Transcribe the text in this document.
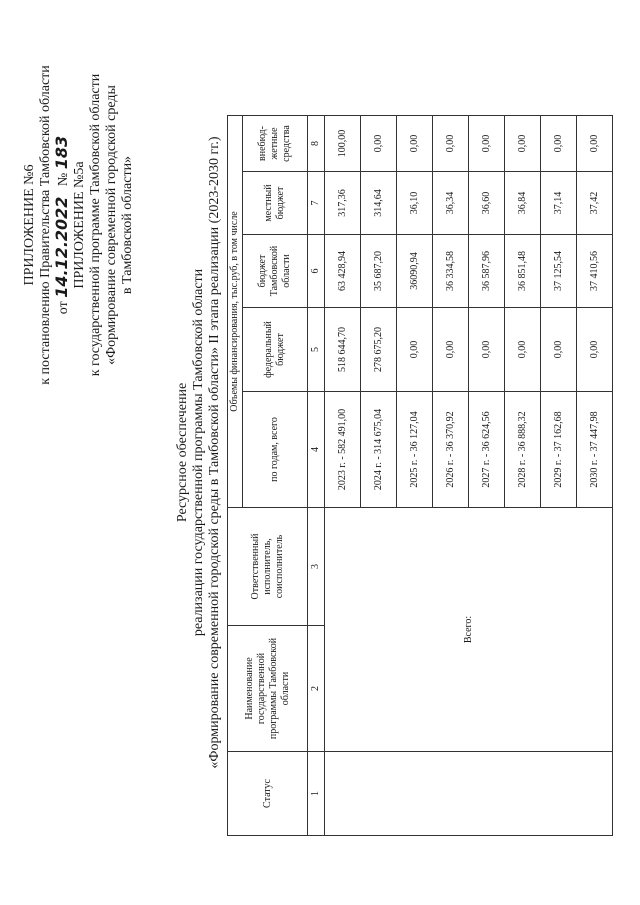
ПРИЛОЖЕНИЕ №6 к постановлению Правительства Тамбовской области от 14.12.2022   № 183
ПРИЛОЖЕНИЕ №5а к государственной программе Тамбовской области «Формирование современной городской среды в Тамбовской области»
Ресурсное обеспечение реализации государственной программы Тамбовской области «Формирование современной городской среды в Тамбовской области» II этапа реализации (2023-2030 гг.)
Статус	Наименование государственной программы Тамбовской области	Ответственный исполнитель, соисполнитель	Объемы финансирования, тыс.руб, в том числе				
			по годам, всего	федеральный бюджет	бюджет Тамбовской области	местный бюджет	внебюд-жетные средства
1	2	3	4	5	6	7	8
	Всего:		2023 г. - 582 491,00	518 644,70	63 428,94	317,36	100,00
			2024 г. - 314 675,04	278 675,20	35 687,20	314,64	0,00
			2025 г. - 36 127,04	0,00	36090,94	36,10	0,00
			2026 г. - 36 370,92	0,00	36 334,58	36,34	0,00
			2027 г. - 36 624,56	0,00	36 587,96	36,60	0,00
			2028 г. - 36 888,32	0,00	36 851,48	36,84	0,00
			2029 г. - 37 162,68	0,00	37 125,54	37,14	0,00
			2030 г. - 37 447,98	0,00	37 410,56	37,42	0,00
